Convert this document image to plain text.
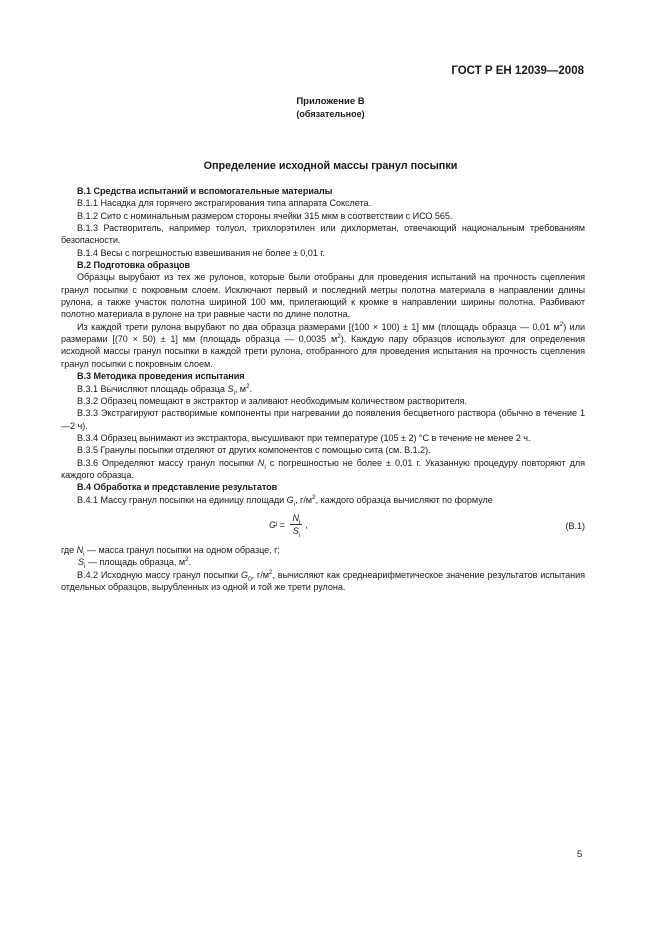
ГОСТ Р ЕН 12039—2008
Приложение В
(обязательное)
Определение исходной массы гранул посыпки

В.1 Средства испытаний и вспомогательные материалы

В.1.1 Насадка для горячего экстрагирования типа аппарата Сокслета.

В.1.2 Сито с номинальным размером стороны ячейки 315 мкм в соответствии с ИСО 565.

В.1.3 Растворитель, например толуол, трихлорэтилен или дихлорметан, отвечающий национальным требованиям безопасности.

В.1.4 Весы с погрешностью взвешивания не более ± 0,01 г.

В.2 Подготовка образцов

Образцы вырубают из тех же рулонов, которые были отобраны для проведения испытаний на прочность сцепления гранул посыпки с покровным слоем. Исключают первый и последний метры полотна материала в направлении длины рулона, а также участок полотна шириной 100 мм, прилегающий к кромке в направлении ширины полотна. Разбивают полотно материала в рулоне на три равные части по длине полотна.

Из каждой трети рулона вырубают по два образца размерами [(100 × 100) ± 1] мм (площадь образца — 0,01 $м^2$) или размерами [(70 × 50) ± 1] мм (площадь образца — 0,0035 $м^2$). Каждую пару образцов используют для определения исходной массы гранул посыпки в каждой трети рулона, отобранного для проведения испытания на прочность сцепления гранул посыпки с покровным слоем.

В.3 Методика проведения испытания

В.3.1 Вычисляют площадь образца $S_i$, $м^2$.

В.3.2 Образец помещают в экстрактор и заливают необходимым количеством растворителя.

В.3.3 Экстрагируют растворимые компоненты при нагревании до появления бесцветного раствора (обычно в течение 1—2 ч).

В.3.4 Образец вынимают из экстрактора, высушивают при температуре (105 ± 2) °С в течение не менее 2 ч.

В.3.5 Гранулы посыпки отделяют от других компонентов с помощью сита (см. В.1.2).

В.3.6 Определяют массу гранул посыпки $N_i$ с погрешностью не более ± 0,01 г. Указанную процедуру повторяют для каждого образца.

В.4 Обработка и представление результатов

В.4.1 Массу гранул посыпки на единицу площади $G_i$, $г/м^2$, каждого образца вычисляют по формуле

G $i = \frac{N_i}{S_i}$ ,	(В.1)

где $N_i$ — масса гранул посыпки на одном образце, г;

$S_i$ — площадь образца, $м^2$.

В.4.2 Исходную массу гранул посыпки $G_0$, $г/м^2$, вычисляют как среднеарифметическое значение результатов испытания отдельных образцов, вырубленных из одной и той же трети рулона.

5
